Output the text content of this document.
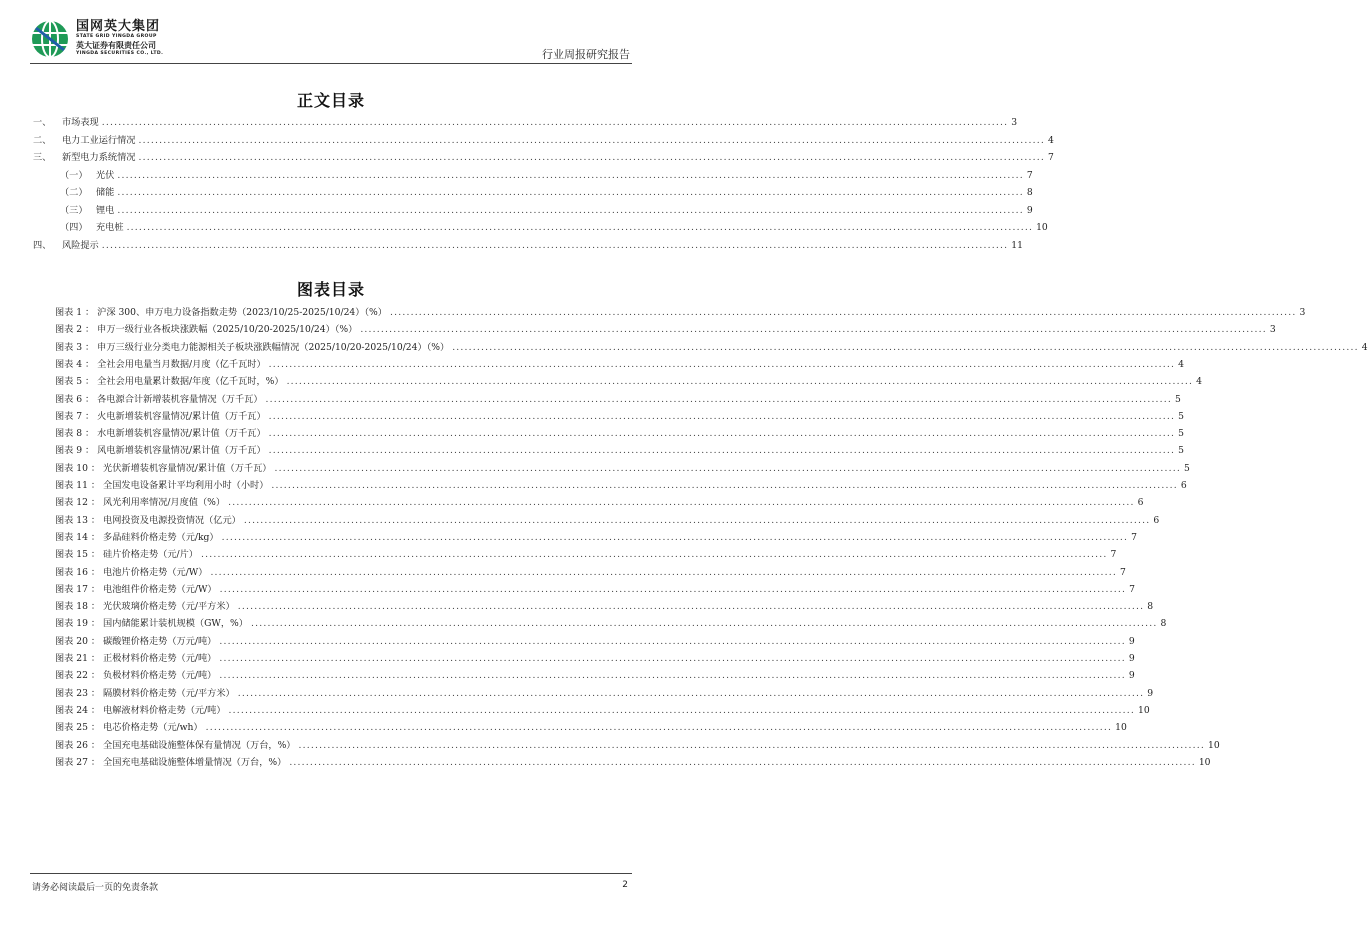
国网英大集团
STATE GRID YINGDA GROUP
英大证券有限责任公司
YINGDA SECURITIES CO., LTD.	行业周报研究报告
正文目录
一、 市场表现 ............................................................................................................................................................................................................................ 3
二、 电力工业运行情况 ............................................................................................................................................................................................................................ 4
三、 新型电力系统情况 ............................................................................................................................................................................................................................ 7
（一） 光伏 ............................................................................................................................................................................................................................ 7
（二） 储能 ............................................................................................................................................................................................................................ 8
（三） 锂电 ............................................................................................................................................................................................................................ 9
（四） 充电桩 ............................................................................................................................................................................................................................ 10
四、 风险提示 ............................................................................................................................................................................................................................ 11
图表目录
图表 1 ： 沪深 300、申万电力设备指数走势（2023/10/25-2025/10/24）（%） ............................................................................................................................................................................................................................ 3
图表 2 ： 申万一级行业各板块涨跌幅（2025/10/20-2025/10/24）（%） ............................................................................................................................................................................................................................ 3
图表 3 ： 申万三级行业分类电力能源相关子板块涨跌幅情况（2025/10/20-2025/10/24）（%） ............................................................................................................................................................................................................................ 4
图表 4 ： 全社会用电量当月数据/月度（亿千瓦时） ............................................................................................................................................................................................................................ 4
图表 5 ： 全社会用电量累计数据/年度（亿千瓦时，%） ............................................................................................................................................................................................................................ 4
图表 6 ： 各电源合计新增装机容量情况（万千瓦） ............................................................................................................................................................................................................................ 5
图表 7 ： 火电新增装机容量情况/累计值（万千瓦） ............................................................................................................................................................................................................................ 5
图表 8 ： 水电新增装机容量情况/累计值（万千瓦） ............................................................................................................................................................................................................................ 5
图表 9 ： 风电新增装机容量情况/累计值（万千瓦） ............................................................................................................................................................................................................................ 5
图表 10 ： 光伏新增装机容量情况/累计值（万千瓦） ............................................................................................................................................................................................................................ 5
图表 11 ： 全国发电设备累计平均利用小时（小时） ............................................................................................................................................................................................................................ 6
图表 12 ： 风光利用率情况/月度值（%） ............................................................................................................................................................................................................................ 6
图表 13 ： 电网投资及电源投资情况（亿元） ............................................................................................................................................................................................................................ 6
图表 14 ： 多晶硅料价格走势（元/kg） ............................................................................................................................................................................................................................ 7
图表 15 ： 硅片价格走势（元/片） ............................................................................................................................................................................................................................ 7
图表 16 ： 电池片价格走势（元/W） ............................................................................................................................................................................................................................ 7
图表 17 ： 电池组件价格走势（元/W） ............................................................................................................................................................................................................................ 7
图表 18 ： 光伏玻璃价格走势（元/平方米） ............................................................................................................................................................................................................................ 8
图表 19 ： 国内储能累计装机规模（GW，%） ............................................................................................................................................................................................................................ 8
图表 20 ： 碳酸锂价格走势（万元/吨） ............................................................................................................................................................................................................................ 9
图表 21 ： 正极材料价格走势（元/吨） ............................................................................................................................................................................................................................ 9
图表 22 ： 负极材料价格走势（元/吨） ............................................................................................................................................................................................................................ 9
图表 23 ： 隔膜材料价格走势（元/平方米） ............................................................................................................................................................................................................................ 9
图表 24 ： 电解液材料价格走势（元/吨） ............................................................................................................................................................................................................................ 10
图表 25 ： 电芯价格走势（元/wh） ............................................................................................................................................................................................................................ 10
图表 26 ： 全国充电基础设施整体保有量情况（万台，%） ............................................................................................................................................................................................................................ 10
图表 27 ： 全国充电基础设施整体增量情况（万台，%） ............................................................................................................................................................................................................................ 10
请务必阅读最后一页的免责条款	2
